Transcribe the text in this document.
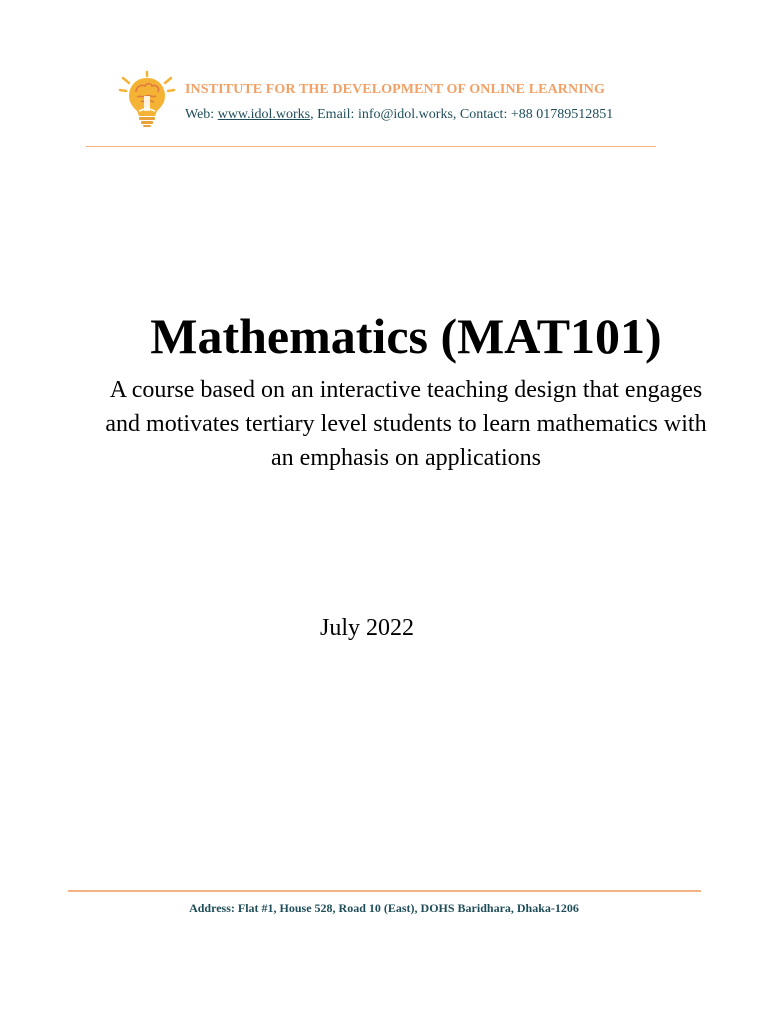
INSTITUTE FOR THE DEVELOPMENT OF ONLINE LEARNING
Web: www.idol.works, Email: info@idol.works, Contact: +88 01789512851
Mathematics (MAT101)
A course based on an interactive teaching design that engages and motivates tertiary level students to learn mathematics with an emphasis on applications
July 2022
Address: Flat #1, House 528, Road 10 (East), DOHS Baridhara, Dhaka-1206
